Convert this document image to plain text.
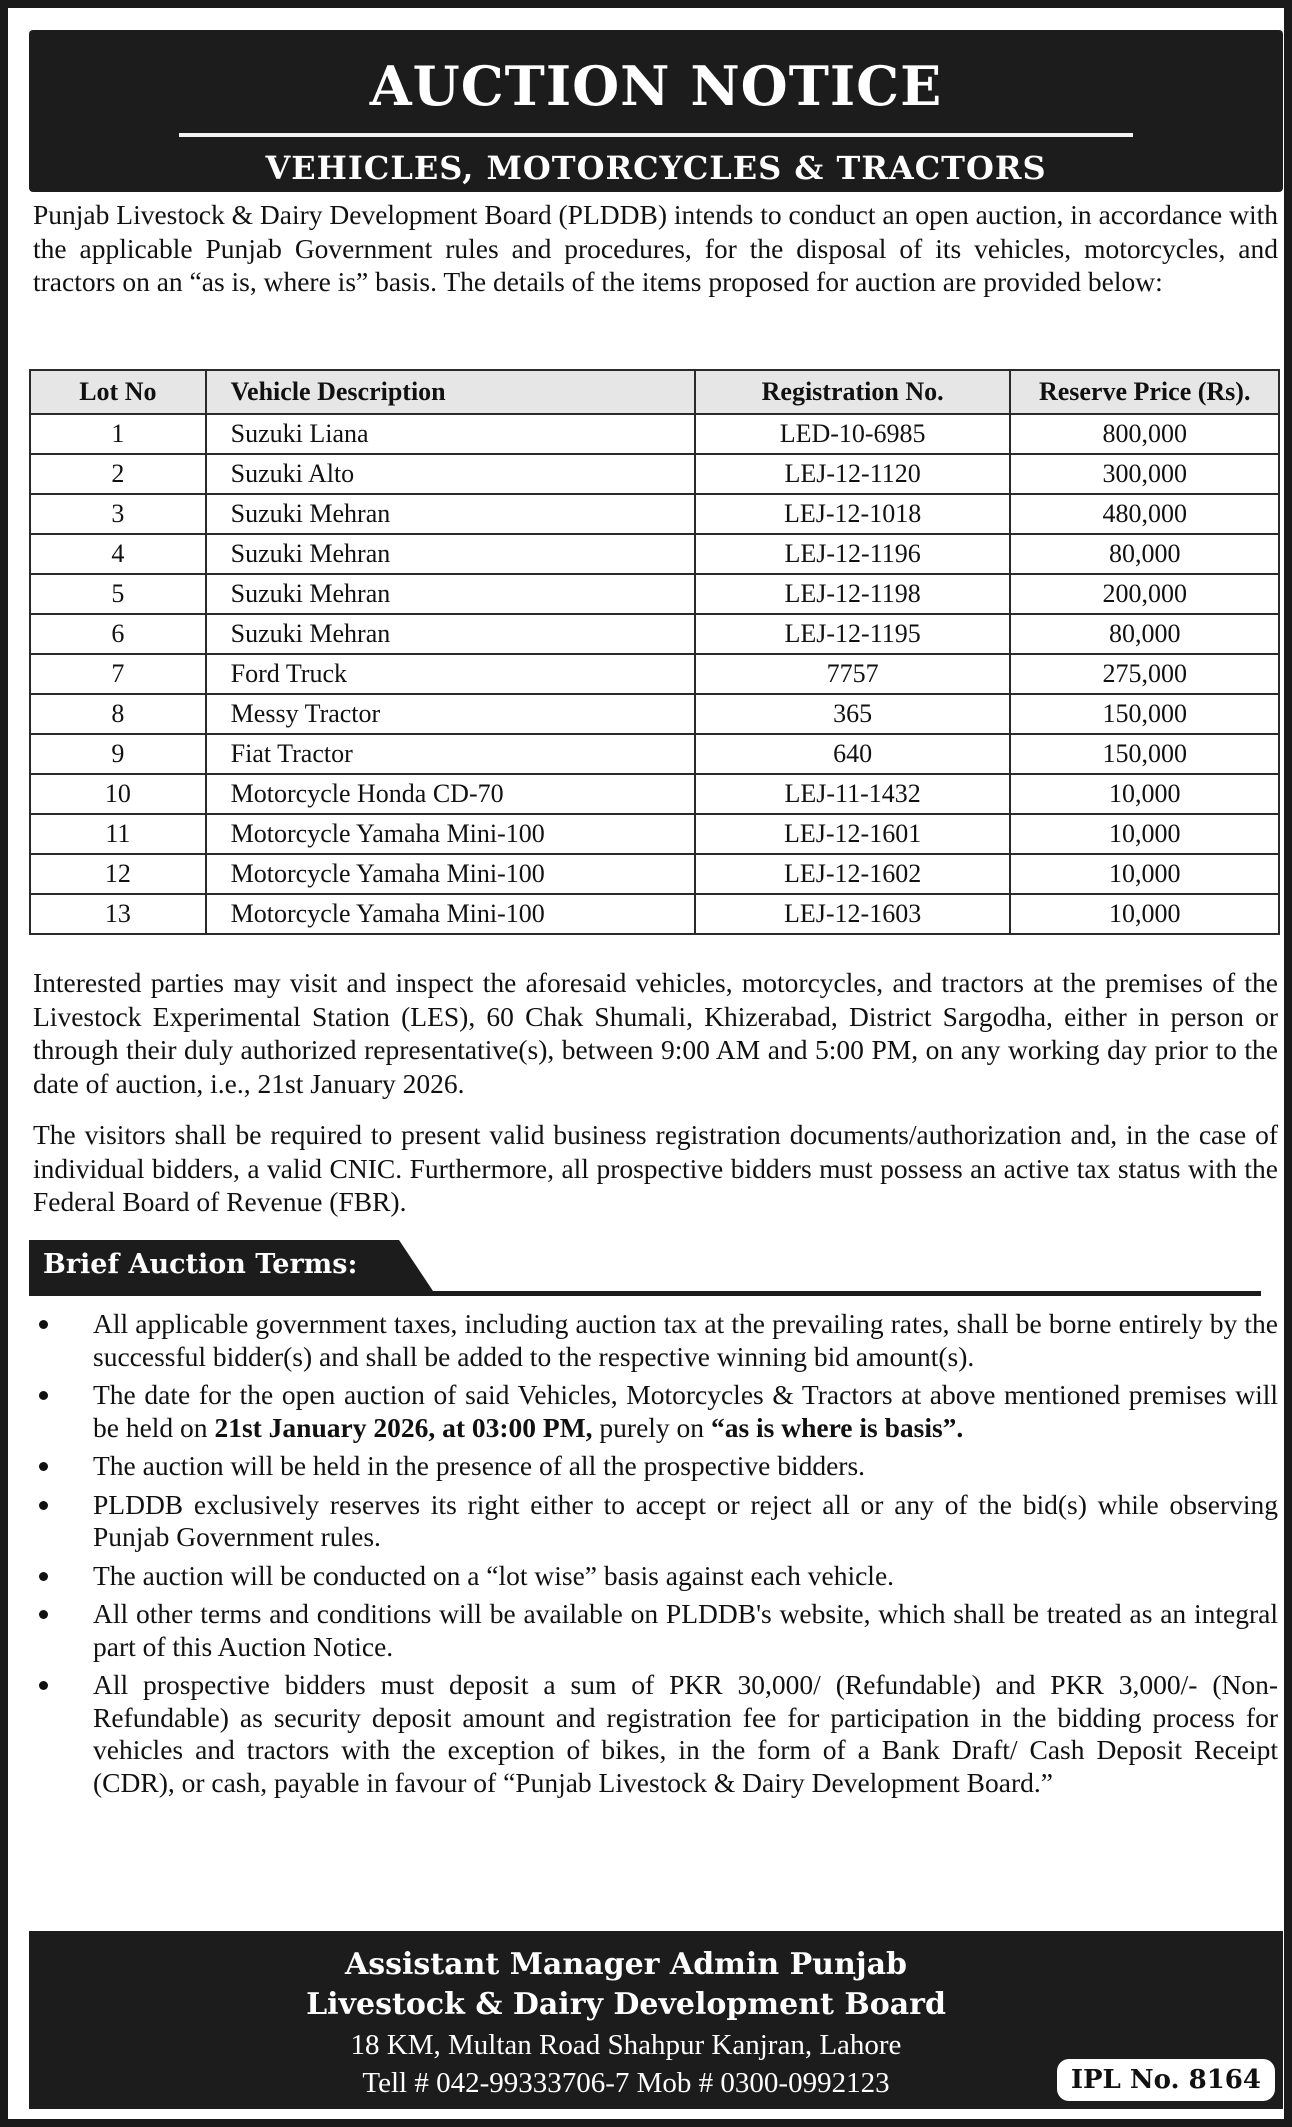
AUCTION NOTICE
VEHICLES, MOTORCYCLES & TRACTORS
Punjab Livestock & Dairy Development Board (PLDDB) intends to conduct an open auction, in accordance with the applicable Punjab Government rules and procedures, for the disposal of its vehicles, motorcycles, and tractors on an “as is, where is” basis. The details of the items proposed for auction are provided below:
Lot No	Vehicle Description	Registration No.	Reserve Price (Rs).
1	Suzuki Liana	LED-10-6985	800,000
2	Suzuki Alto	LEJ-12-1120	300,000
3	Suzuki Mehran	LEJ-12-1018	480,000
4	Suzuki Mehran	LEJ-12-1196	80,000
5	Suzuki Mehran	LEJ-12-1198	200,000
6	Suzuki Mehran	LEJ-12-1195	80,000
7	Ford Truck	7757	275,000
8	Messy Tractor	365	150,000
9	Fiat Tractor	640	150,000
10	Motorcycle Honda CD-70	LEJ-11-1432	10,000
11	Motorcycle Yamaha Mini-100	LEJ-12-1601	10,000
12	Motorcycle Yamaha Mini-100	LEJ-12-1602	10,000
13	Motorcycle Yamaha Mini-100	LEJ-12-1603	10,000
Interested parties may visit and inspect the aforesaid vehicles, motorcycles, and tractors at the premises of the Livestock Experimental Station (LES), 60 Chak Shumali, Khizerabad, District Sargodha, either in person or through their duly authorized representative(s), between 9:00 AM and 5:00 PM, on any working day prior to the date of auction, i.e., 21st January 2026.
The visitors shall be required to present valid business registration documents/authorization and, in the case of individual bidders, a valid CNIC. Furthermore, all prospective bidders must possess an active tax status with the Federal Board of Revenue (FBR).
Brief Auction Terms:
All applicable government taxes, including auction tax at the prevailing rates, shall be borne entirely by the successful bidder(s) and shall be added to the respective winning bid amount(s).
The date for the open auction of said Vehicles, Motorcycles & Tractors at above mentioned premises will be held on 21st January 2026, at 03:00 PM, purely on “as is where is basis”.
The auction will be held in the presence of all the prospective bidders.
PLDDB exclusively reserves its right either to accept or reject all or any of the bid(s) while observing Punjab Government rules.
The auction will be conducted on a “lot wise” basis against each vehicle.
All other terms and conditions will be available on PLDDB's website, which shall be treated as an integral part of this Auction Notice.
All prospective bidders must deposit a sum of PKR 30,000/ (Refundable) and PKR 3,000/- (Non- Refundable) as security deposit amount and registration fee for participation in the bidding process for vehicles and tractors with the exception of bikes, in the form of a Bank Draft/ Cash Deposit Receipt (CDR), or cash, payable in favour of “Punjab Livestock & Dairy Development Board.”
Assistant Manager Admin Punjab
Livestock & Dairy Development Board
18 KM, Multan Road Shahpur Kanjran, Lahore
Tell # 042-99333706-7 Mob # 0300-0992123	IPL No. 8164
